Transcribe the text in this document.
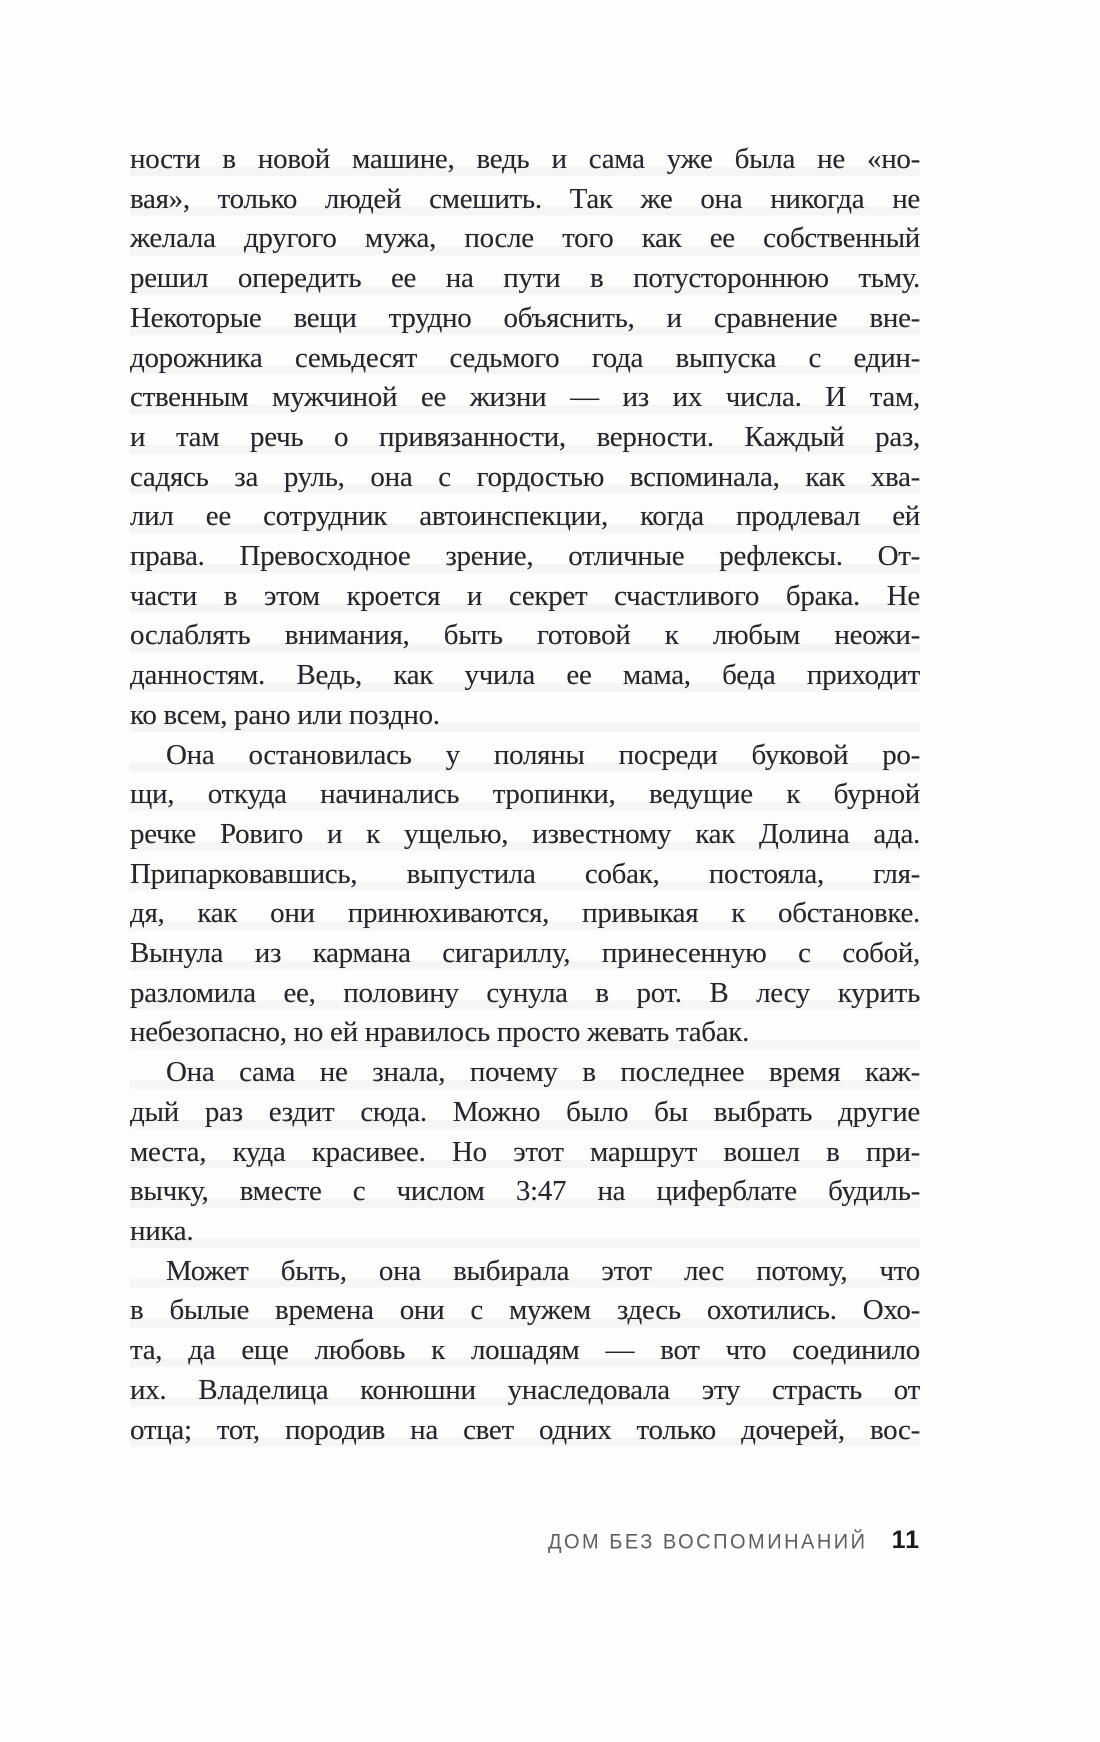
ности в новой машине, ведь и сама уже была не «но-
вая», только людей смешить. Так же она никогда не
желала другого мужа, после того как ее собственный
решил опередить ее на пути в потустороннюю тьму.
Некоторые вещи трудно объяснить, и сравнение вне-
дорожника семьдесят седьмого года выпуска с един-
ственным мужчиной ее жизни — из их числа. И там,
и там речь о привязанности, верности. Каждый раз,
садясь за руль, она с гордостью вспоминала, как хва-
лил ее сотрудник автоинспекции, когда продлевал ей
права. Превосходное зрение, отличные рефлексы. От-
части в этом кроется и секрет счастливого брака. Не
ослаблять внимания, быть готовой к любым неожи-
данностям. Ведь, как учила ее мама, беда приходит
ко всем, рано или поздно.
Она остановилась у поляны посреди буковой ро-
щи, откуда начинались тропинки, ведущие к бурной
речке Ровиго и к ущелью, известному как Долина ада.
Припарковавшись, выпустила собак, постояла, гля-
дя, как они принюхиваются, привыкая к обстановке.
Вынула из кармана сигариллу, принесенную с собой,
разломила ее, половину сунула в рот. В лесу курить
небезопасно, но ей нравилось просто жевать табак.
Она сама не знала, почему в последнее время каж-
дый раз ездит сюда. Можно было бы выбрать другие
места, куда красивее. Но этот маршрут вошел в при-
вычку, вместе с числом 3:47 на циферблате будиль-
ника.
Может быть, она выбирала этот лес потому, что
в былые времена они с мужем здесь охотились. Охо-
та, да еще любовь к лошадям — вот что соединило
их. Владелица конюшни унаследовала эту страсть от
отца; тот, породив на свет одних только дочерей, вос-
ДОМ БЕЗ ВОСПОМИНАНИЙ 11
